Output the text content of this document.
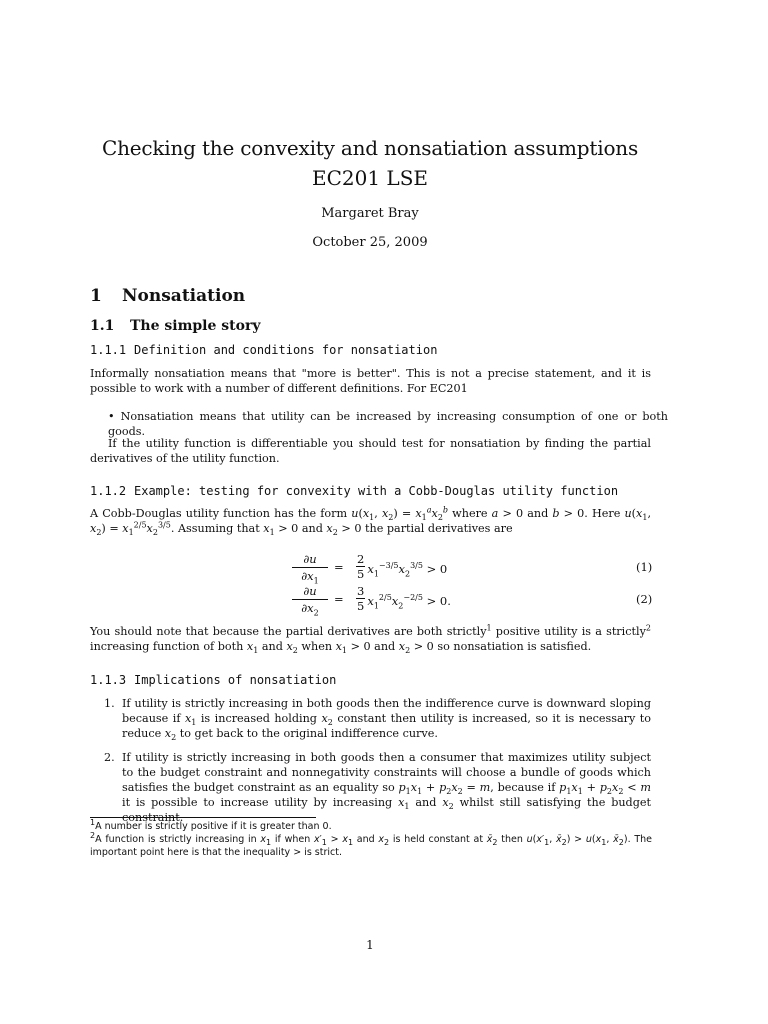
Checking the convexity and nonsatiation assumptions
EC201 LSE
Margaret Bray
October 25, 2009
1 Nonsatiation
1.1 The simple story
1.1.1 Definition and conditions for nonsatiation
Informally nonsatiation means that "more is better". This is not a precise statement, and it is possible to work with a number of different definitions. For EC201
• Nonsatiation means that utility can be increased by increasing consumption of one or both goods.
If the utility function is differentiable you should test for nonsatiation by finding the partial derivatives of the utility function.
1.1.2 Example: testing for convexity with a Cobb-Douglas utility function
A Cobb-Douglas utility function has the form $u(x_1$, $x_2) = x_1^ax_2^b$ where a > 0 and b > 0. Here $u(x_1$, $x_2) = x_1^{2/5}x_2^{3/5}$. Assuming that $x_1 > 0$ and $x_2 > 0$ the partial derivatives are
∂u
$\partial x_1$
= $\frac{2}{5} x_1^{-3/5}x_2^{3/5} > 0$	(1)
∂u
$\partial x_2$
= $\frac{3}{5} x_1^{2/5}x_2^{-2/5} > 0$.	(2)
You should note that because the partial derivatives are both strictly$^1$ positive utility is a strictly$^2$ increasing function of both $x_1$ and $x_2$ when $x_1 > 0$ and $x_2 > 0$ so nonsatiation is satisfied.
1.1.3 Implications of nonsatiation
1. If utility is strictly increasing in both goods then the indifference curve is downward sloping because if $x_1$ is increased holding $x_2$ constant then utility is increased, so it is necessary to reduce $x_2$ to get back to the original indifference curve.
2. If utility is strictly increasing in both goods then a consumer that maximizes utility subject to the budget constraint and nonnegativity constraints will choose a bundle of goods which satisfies the budget constraint as an equality so $p_1x_1 + p_2x_2 = m$, because if $p_1x_1 + p_2x_2 < m$ it is possible to increase utility by increasing $x_1$ and $x_2$ whilst still satisfying the budget constraint.
$^1$A number is strictly positive if it is greater than 0.
$^2$A function is strictly increasing in $x_1$ if when $x'_1 > x_1$ and $x_2$ is held constant at $x̄_2$ then $u(x'_1$, $x̄_2) > u(x_1$, $x̄_2$). The important point here is that the inequality > is strict.
1
